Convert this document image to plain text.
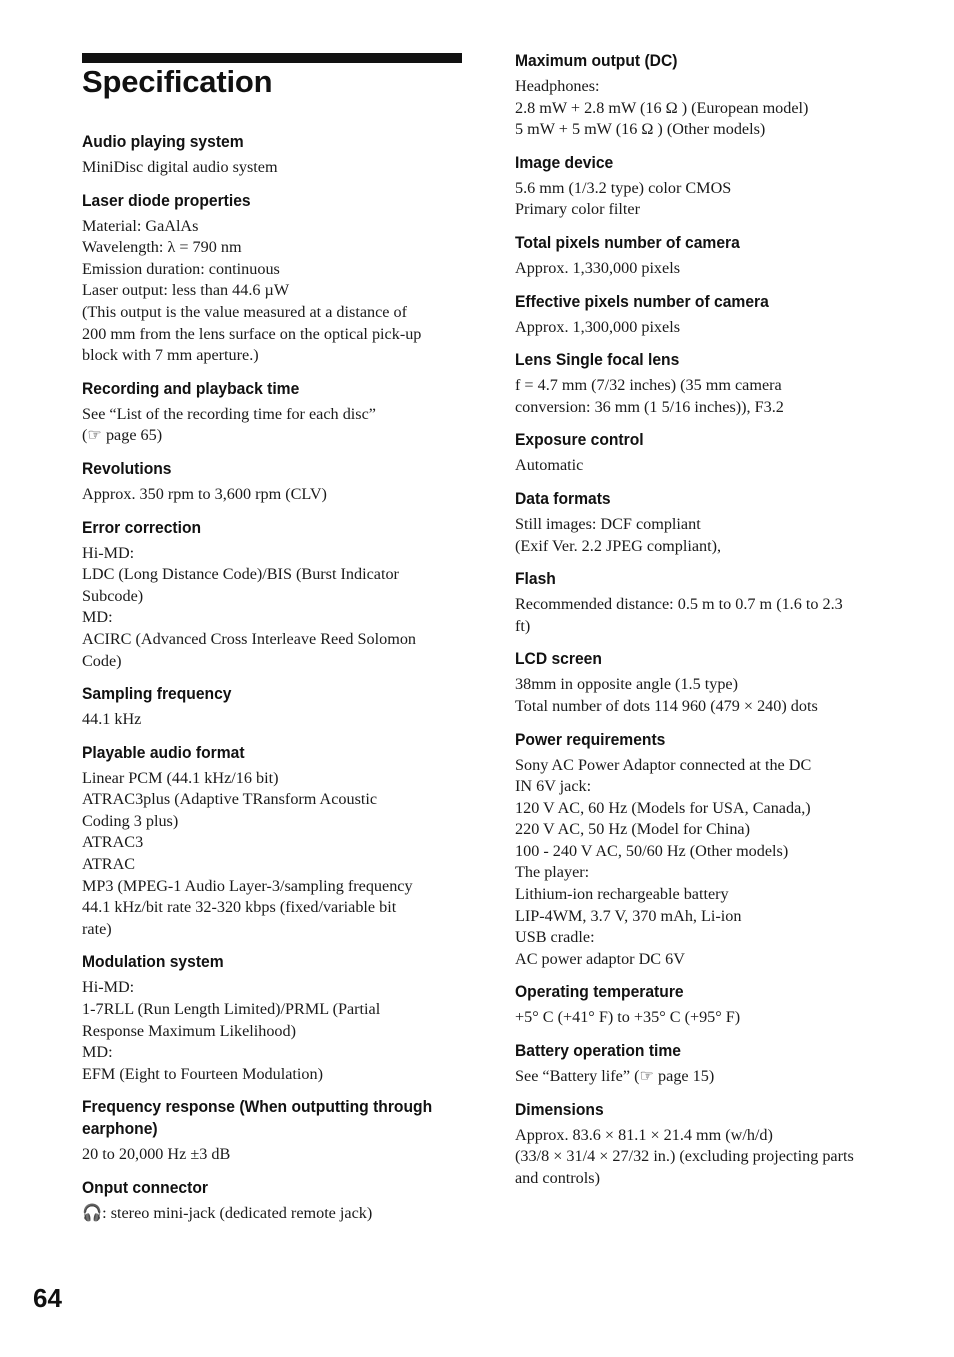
Specification
Audio playing system
MiniDisc digital audio system
Laser diode properties
Material: GaAlAs
Wavelength: λ = 790 nm
Emission duration: continuous
Laser output: less than 44.6 µW
(This output is the value measured at a distance of
200 mm from the lens surface on the optical pick-up
block with 7 mm aperture.)
Recording and playback time
See “List of the recording time for each disc”
(☞ page 65)
Revolutions
Approx. 350 rpm to 3,600 rpm (CLV)
Error correction
Hi-MD:
LDC (Long Distance Code)/BIS (Burst Indicator
Subcode)
MD:
ACIRC (Advanced Cross Interleave Reed Solomon
Code)
Sampling frequency
44.1 kHz
Playable audio format
Linear PCM (44.1 kHz/16 bit)
ATRAC3plus (Adaptive TRansform Acoustic
Coding 3 plus)
ATRAC3
ATRAC
MP3 (MPEG-1 Audio Layer-3/sampling frequency
44.1 kHz/bit rate 32-320 kbps (fixed/variable bit
rate)
Modulation system
Hi-MD:
1-7RLL (Run Length Limited)/PRML (Partial
Response Maximum Likelihood)
MD:
EFM (Eight to Fourteen Modulation)
Frequency response (When outputting through earphone)
20 to 20,000 Hz ±3 dB
Onput connector
🎧: stereo mini-jack (dedicated remote jack)
Maximum output (DC)
Headphones:
2.8 mW + 2.8 mW (16 Ω ) (European model)
5 mW + 5 mW (16 Ω ) (Other models)
Image device
5.6 mm (1/3.2 type) color CMOS
Primary color filter
Total pixels number of camera
Approx. 1,330,000 pixels
Effective pixels number of camera
Approx. 1,300,000 pixels
Lens Single focal lens
f = 4.7 mm (7/32 inches) (35 mm camera
conversion: 36 mm (1 5/16 inches)), F3.2
Exposure control
Automatic
Data formats
Still images: DCF compliant
(Exif Ver. 2.2 JPEG compliant),
Flash
Recommended distance: 0.5 m to 0.7 m (1.6 to 2.3
ft)
LCD screen
38mm in opposite angle (1.5 type)
Total number of dots 114 960 (479 × 240) dots
Power requirements
Sony AC Power Adaptor connected at the DC
IN 6V jack:
120 V AC, 60 Hz (Models for USA, Canada,)
220 V AC, 50 Hz (Model for China)
100 - 240 V AC, 50/60 Hz (Other models)
The player:
Lithium-ion rechargeable battery
LIP-4WM, 3.7 V, 370 mAh, Li-ion
USB cradle:
AC power adaptor DC 6V
Operating temperature
+5° C (+41° F) to +35° C (+95° F)
Battery operation time
See “Battery life” (☞ page 15)
Dimensions
Approx. 83.6 × 81.1 × 21.4 mm (w/h/d)
(33/8 × 31/4 × 27/32 in.) (excluding projecting parts
and controls)
64
